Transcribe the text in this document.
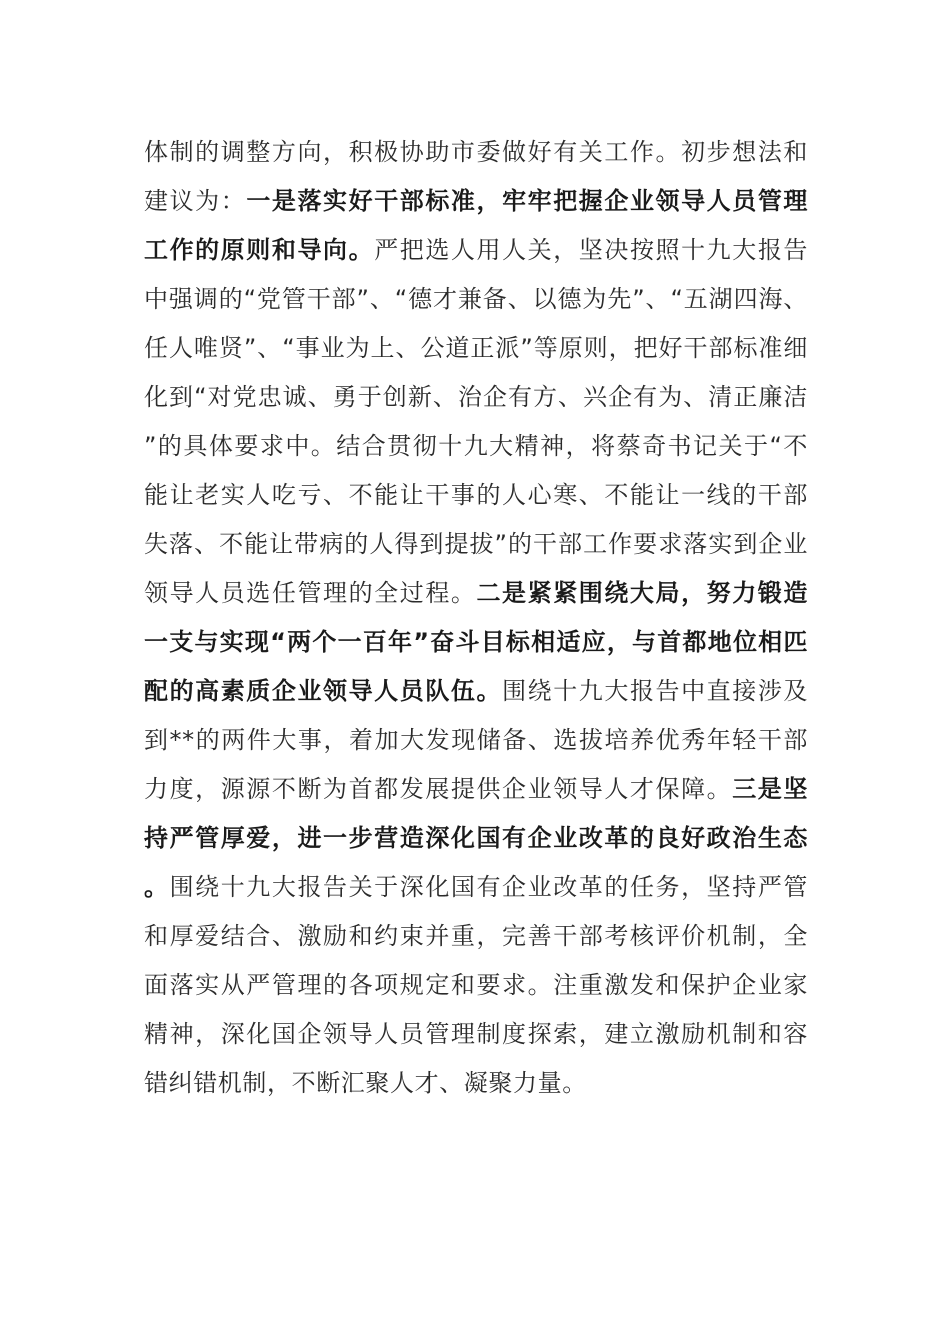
体制的调整方向，积极协助市委做好有关工作。初步想法和建议为：一是落实好干部标准，牢牢把握企业领导人员管理工作的原则和导向。严把选人用人关，坚决按照十九大报告中强调的“党管干部”、“德才兼备、以德为先”、“五湖四海、任人唯贤”、“事业为上、公道正派”等原则，把好干部标准细化到“对党忠诚、勇于创新、治企有方、兴企有为、清正廉洁”的具体要求中。结合贯彻十九大精神，将蔡奇书记关于“不能让老实人吃亏、不能让干事的人心寒、不能让一线的干部失落、不能让带病的人得到提拔”的干部工作要求落实到企业领导人员选任管理的全过程。二是紧紧围绕大局，努力锻造一支与实现“两个一百年”奋斗目标相适应，与首都地位相匹配的高素质企业领导人员队伍。围绕十九大报告中直接涉及到**的两件大事，着加大发现储备、选拔培养优秀年轻干部力度，源源不断为首都发展提供企业领导人才保障。三是坚持严管厚爱，进一步营造深化国有企业改革的良好政治生态。围绕十九大报告关于深化国有企业改革的任务，坚持严管和厚爱结合、激励和约束并重，完善干部考核评价机制，全面落实从严管理的各项规定和要求。注重激发和保护企业家精神，深化国企领导人员管理制度探索，建立激励机制和容错纠错机制，不断汇聚人才、凝聚力量。
